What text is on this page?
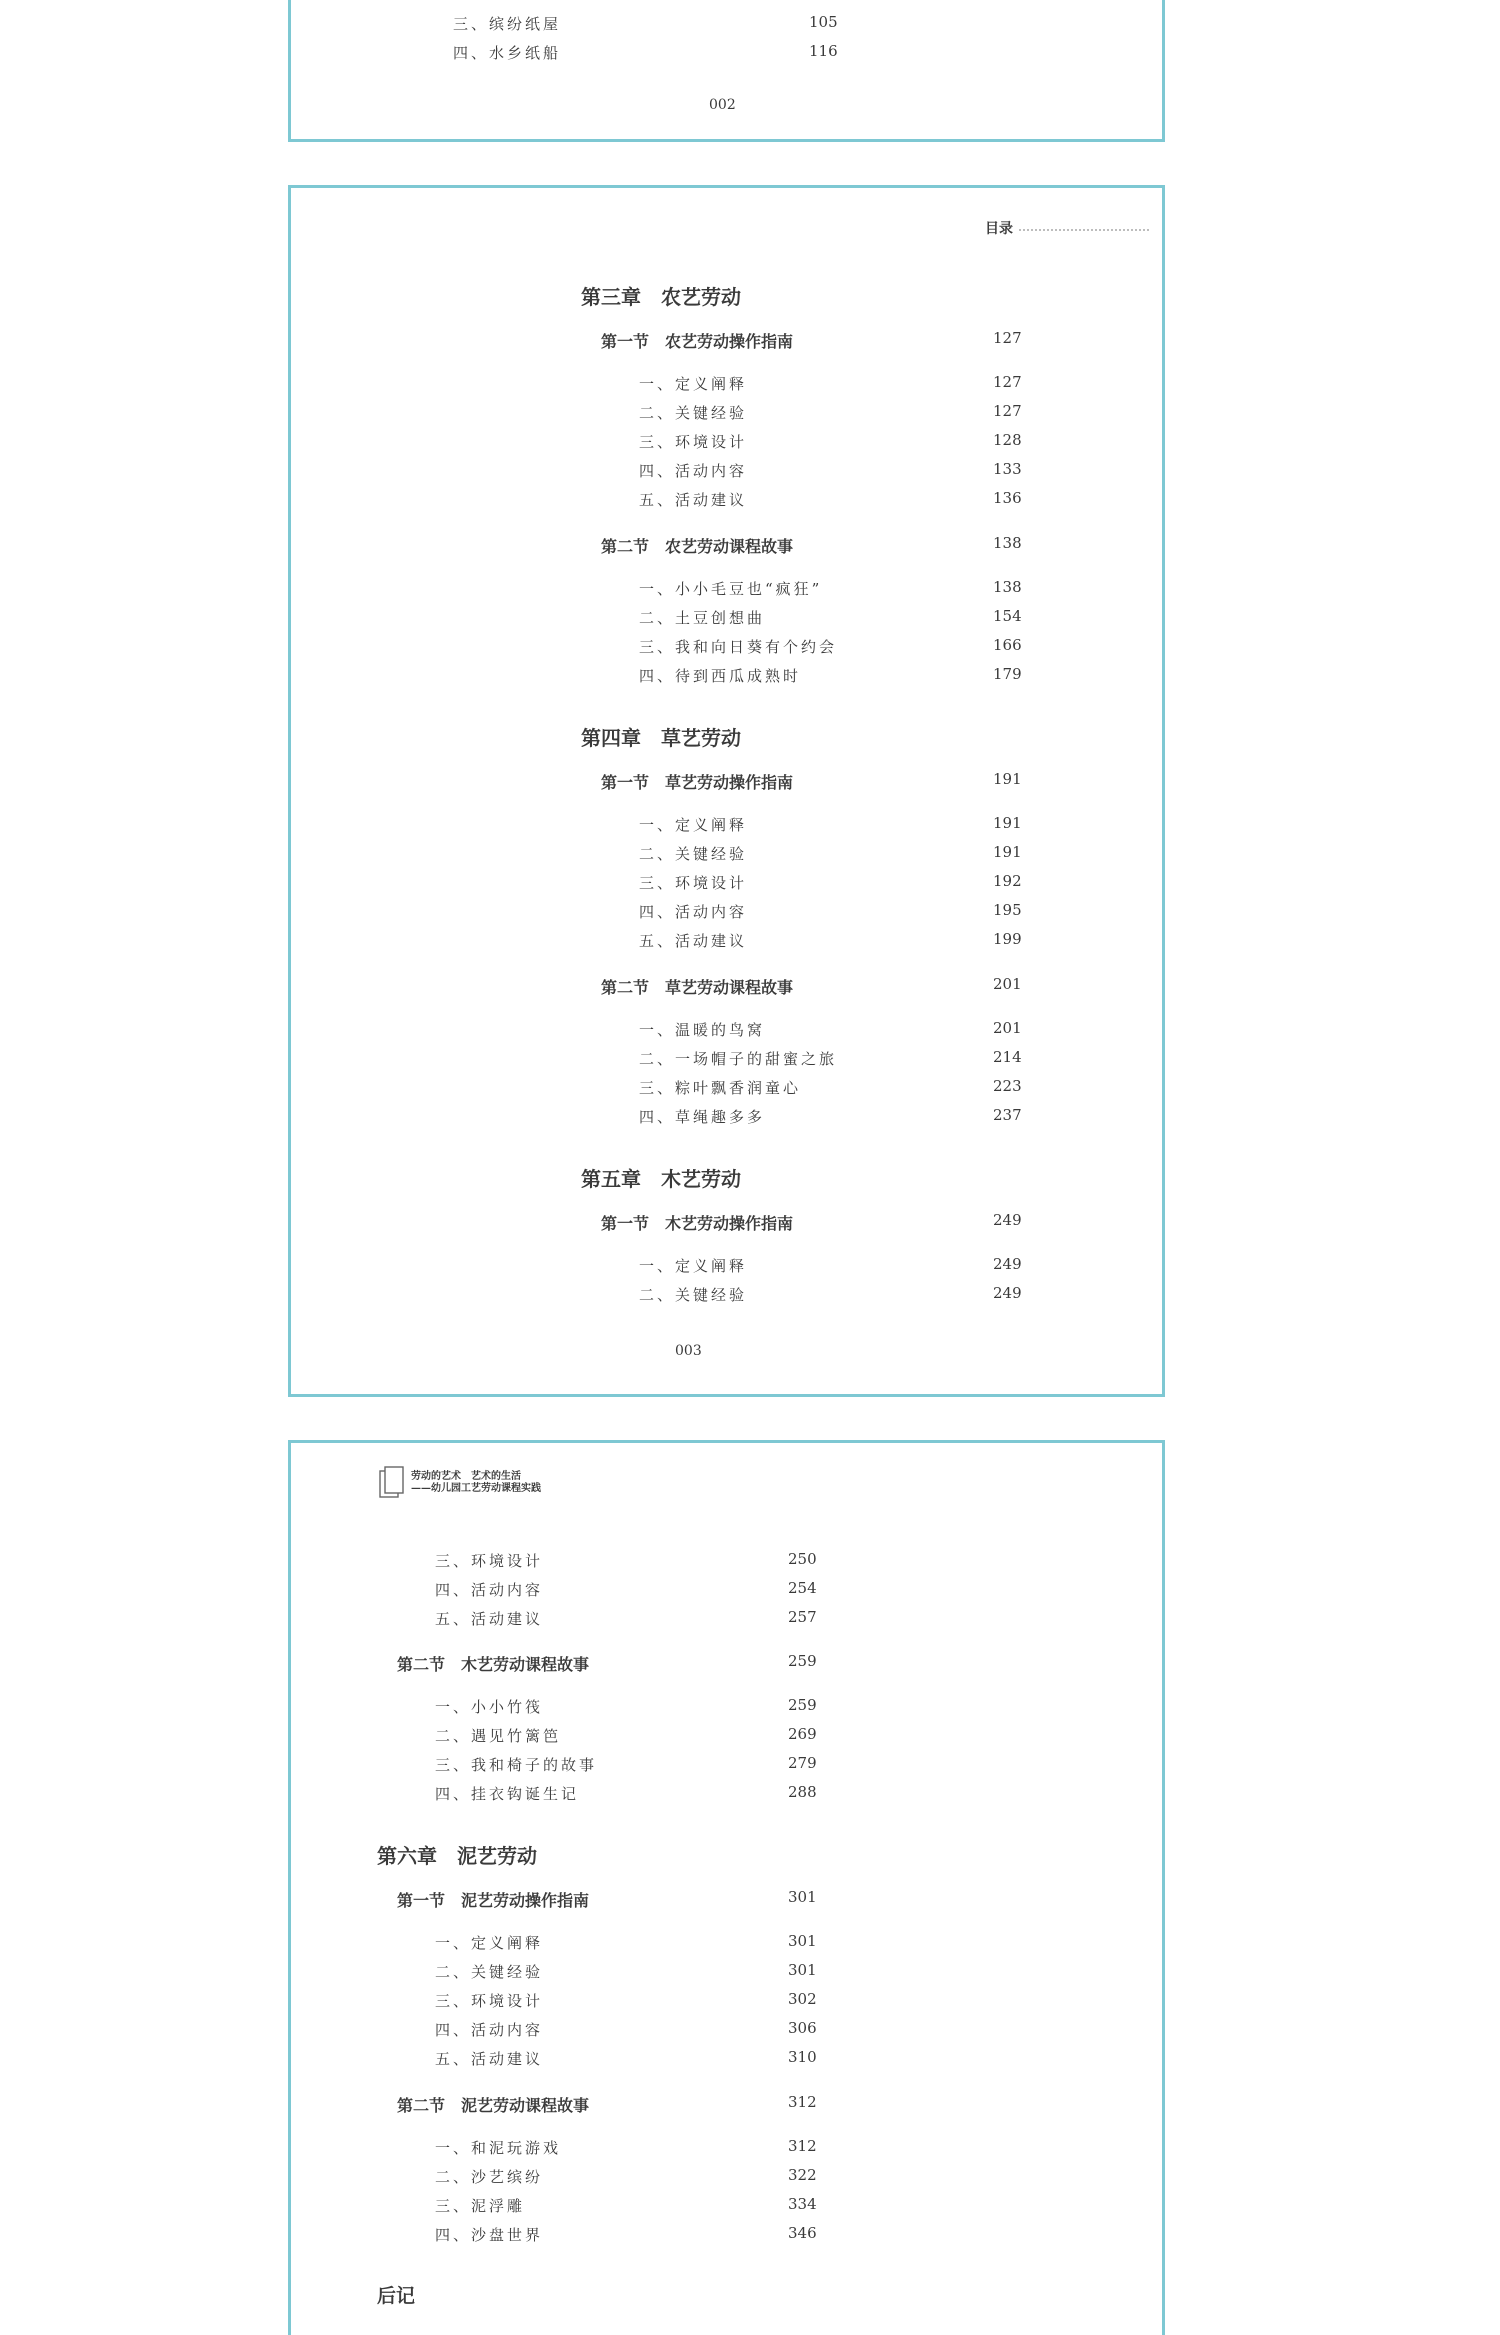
三、缤纷纸屋	105
四、水乡纸船	116
002
目录
第三章　农艺劳动
第一节　农艺劳动操作指南	127
一、定义阐释	127
二、关键经验	127
三、环境设计	128
四、活动内容	133
五、活动建议	136
第二节　农艺劳动课程故事	138
一、小小毛豆也“疯狂”	138
二、土豆创想曲	154
三、我和向日葵有个约会	166
四、待到西瓜成熟时	179
第四章　草艺劳动
第一节　草艺劳动操作指南	191
一、定义阐释	191
二、关键经验	191
三、环境设计	192
四、活动内容	195
五、活动建议	199
第二节　草艺劳动课程故事	201
一、温暖的鸟窝	201
二、一场帽子的甜蜜之旅	214
三、粽叶飘香润童心	223
四、草绳趣多多	237
第五章　木艺劳动
第一节　木艺劳动操作指南	249
一、定义阐释	249
二、关键经验	249
003
劳动的艺术　艺术的生活
——幼儿园工艺劳动课程实践
三、环境设计	250
四、活动内容	254
五、活动建议	257
第二节　木艺劳动课程故事	259
一、小小竹筏	259
二、遇见竹篱笆	269
三、我和椅子的故事	279
四、挂衣钩诞生记	288
第六章　泥艺劳动
第一节　泥艺劳动操作指南	301
一、定义阐释	301
二、关键经验	301
三、环境设计	302
四、活动内容	306
五、活动建议	310
第二节　泥艺劳动课程故事	312
一、和泥玩游戏	312
二、沙艺缤纷	322
三、泥浮雕	334
四、沙盘世界	346
后记
